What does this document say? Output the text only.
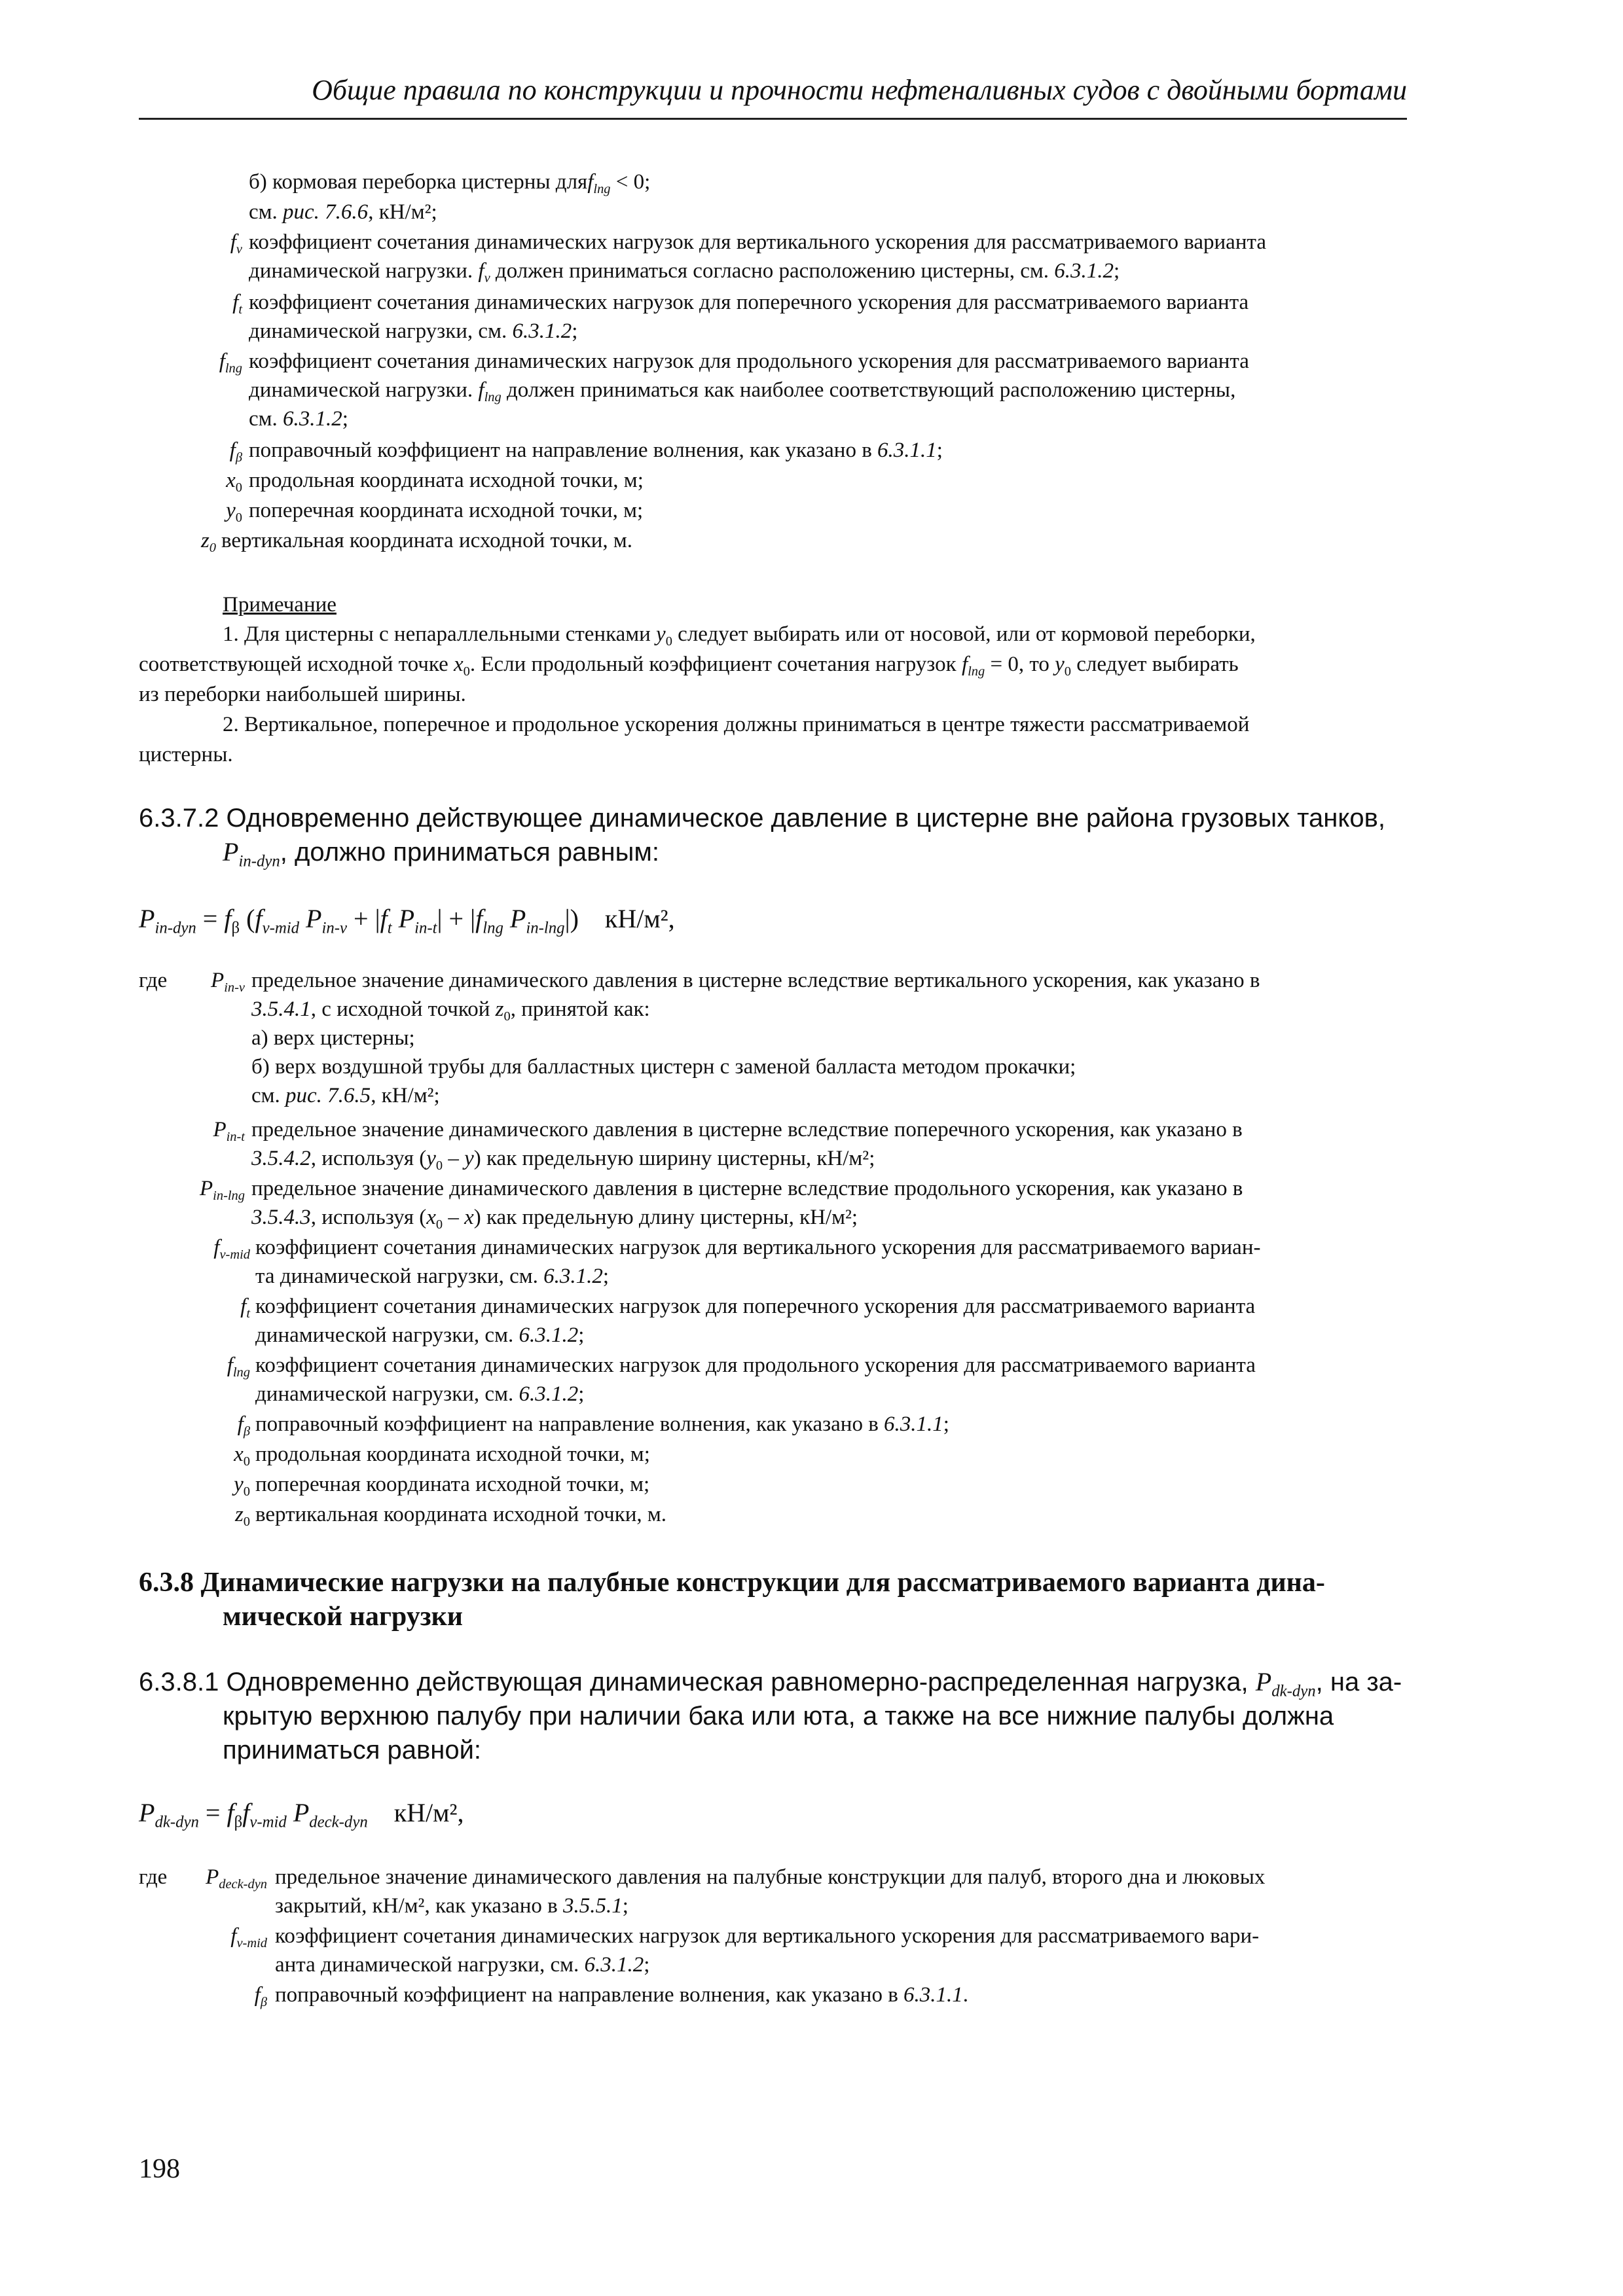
Общие правила по конструкции и прочности нефтеналивных судов с двойными бортами
б) кормовая переборка цистерны дляf$_{lng}$ < 0;
см. рис. 7.6.6, кН/м²;
$f_v$ коэффициент сочетания динамических нагрузок для вертикального ускорения для рассматриваемого варианта
динамической нагрузки. $f_v$ должен приниматься согласно расположению цистерны, см. 6.3.1.2;
$f_t$ коэффициент сочетания динамических нагрузок для поперечного ускорения для рассматриваемого варианта
динамической нагрузки, см. 6.3.1.2;
$f_{lng}$ коэффициент сочетания динамических нагрузок для продольного ускорения для рассматриваемого варианта
динамической нагрузки. $f_{lng}$ должен приниматься как наиболее соответствующий расположению цистерны,
см. 6.3.1.2;
$f_\beta$ поправочный коэффициент на направление волнения, как указано в 6.3.1.1;
$x_0$ продольная координата исходной точки, м;
$y_0$ поперечная координата исходной точки, м;
$z_0$ вертикальная координата исходной точки, м.
Примечание
1. Для цистерны с непараллельными стенками $y_0$ следует выбирать или от носовой, или от кормовой переборки,
соответствующей исходной точке $x_0$. Если продольный коэффициент сочетания нагрузок $f_{lng} = 0$, то $y_0$ следует выбирать
из переборки наибольшей ширины.
2. Вертикальное, поперечное и продольное ускорения должны приниматься в центре тяжести рассматриваемой
цистерны.
6.3.7.2 Одновременно действующее динамическое давление в цистерне вне района грузовых танков,
$P_{in-dyn}$, должно приниматься равным:
$P_{in-dyn} = f_\beta$ ($f_{v-mid}$ $P_{in-v} + |f_t$ $P_{in-t}| + |f_{lng}$ $P_{in-lng}|$) кН/м²,
где	$P_{in-v}$ предельное значение динамического давления в цистерне вследствие вертикального ускорения, как указано в
3.5.4.1, с исходной точкой $z_0$, принятой как:
а) верх цистерны;
б) верх воздушной трубы для балластных цистерн с заменой балласта методом прокачки;
см. рис. 7.6.5, кН/м²;
$P_{in-t}$ предельное значение динамического давления в цистерне вследствие поперечного ускорения, как указано в
3.5.4.2, используя $(y_0 - y)$ как предельную ширину цистерны, кН/м²;
$P_{in-lng}$ предельное значение динамического давления в цистерне вследствие продольного ускорения, как указано в
3.5.4.3, используя $(x_0 - x)$ как предельную длину цистерны, кН/м²;
$f_{v-mid}$ коэффициент сочетания динамических нагрузок для вертикального ускорения для рассматриваемого вариан-
та динамической нагрузки, см. 6.3.1.2;
$f_t$ коэффициент сочетания динамических нагрузок для поперечного ускорения для рассматриваемого варианта
динамической нагрузки, см. 6.3.1.2;
$f_{lng}$ коэффициент сочетания динамических нагрузок для продольного ускорения для рассматриваемого варианта
динамической нагрузки, см. 6.3.1.2;
$f_\beta$ поправочный коэффициент на направление волнения, как указано в 6.3.1.1;
$x_0$ продольная координата исходной точки, м;
$y_0$ поперечная координата исходной точки, м;
$z_0$ вертикальная координата исходной точки, м.
6.3.8 Динамические нагрузки на палубные конструкции для рассматриваемого варианта дина-
мической нагрузки
6.3.8.1 Одновременно действующая динамическая равномерно-распределенная нагрузка, $P_{dk-dyn}$, на за-
крытую верхнюю палубу при наличии бака или юта, а также на все нижние палубы должна
приниматься равной:
$P_{dk-dyn} = f_\beta f_{v-mid}$ $P_{deck-dyn}$ кН/м²,
где	$P_{deck-dyn}$ предельное значение динамического давления на палубные конструкции для палуб, второго дна и люковых
закрытий, кН/м², как указано в 3.5.5.1;
$f_{v-mid}$ коэффициент сочетания динамических нагрузок для вертикального ускорения для рассматриваемого вари-
анта динамической нагрузки, см. 6.3.1.2;
$f_\beta$ поправочный коэффициент на направление волнения, как указано в 6.3.1.1.
198
